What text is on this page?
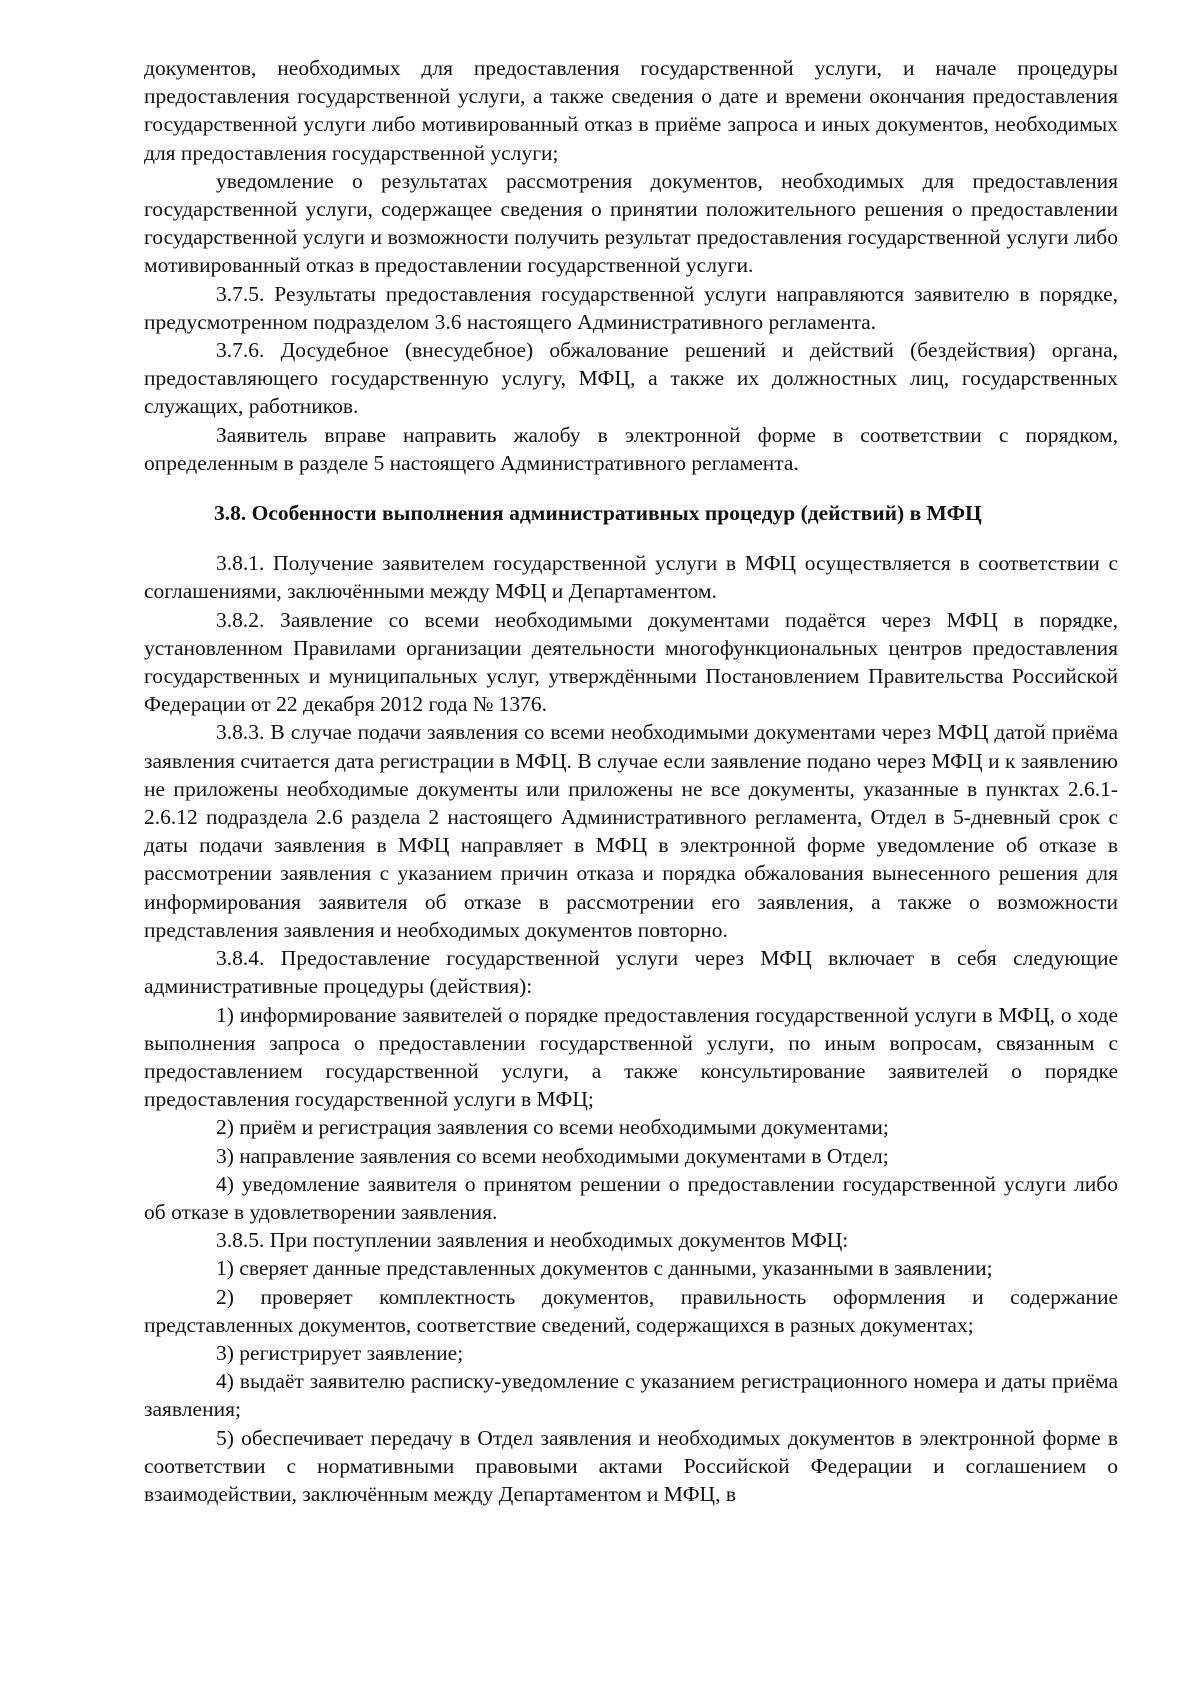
документов, необходимых для предоставления государственной услуги, и начале процедуры предоставления государственной услуги, а также сведения о дате и времени окончания предоставления государственной услуги либо мотивированный отказ в приёме запроса и иных документов, необходимых для предоставления государственной услуги;

уведомление о результатах рассмотрения документов, необходимых для предоставления государственной услуги, содержащее сведения о принятии положительного решения о предоставлении государственной услуги и возможности получить результат предоставления государственной услуги либо мотивированный отказ в предоставлении государственной услуги.

3.7.5. Результаты предоставления государственной услуги направляются заявителю в порядке, предусмотренном подразделом 3.6 настоящего Административного регламента.

3.7.6. Досудебное (внесудебное) обжалование решений и действий (бездействия) органа, предоставляющего государственную услугу, МФЦ, а также их должностных лиц, государственных служащих, работников.

Заявитель вправе направить жалобу в электронной форме в соответствии с порядком, определенным в разделе 5 настоящего Административного регламента.

3.8. Особенности выполнения административных процедур (действий) в МФЦ

3.8.1. Получение заявителем государственной услуги в МФЦ осуществляется в соответствии с соглашениями, заключёнными между МФЦ и Департаментом.

3.8.2. Заявление со всеми необходимыми документами подаётся через МФЦ в порядке, установленном Правилами организации деятельности многофункциональных центров предоставления государственных и муниципальных услуг, утверждёнными Постановлением Правительства Российской Федерации от 22 декабря 2012 года № 1376.

3.8.3. В случае подачи заявления со всеми необходимыми документами через МФЦ датой приёма заявления считается дата регистрации в МФЦ. В случае если заявление подано через МФЦ и к заявлению не приложены необходимые документы или приложены не все документы, указанные в пунктах 2.6.1-2.6.12 подраздела 2.6 раздела 2 настоящего Административного регламента, Отдел в 5-дневный срок с даты подачи заявления в МФЦ направляет в МФЦ в электронной форме уведомление об отказе в рассмотрении заявления с указанием причин отказа и порядка обжалования вынесенного решения для информирования заявителя об отказе в рассмотрении его заявления, а также о возможности представления заявления и необходимых документов повторно.

3.8.4. Предоставление государственной услуги через МФЦ включает в себя следующие административные процедуры (действия):

1) информирование заявителей о порядке предоставления государственной услуги в МФЦ, о ходе выполнения запроса о предоставлении государственной услуги, по иным вопросам, связанным с предоставлением государственной услуги, а также консультирование заявителей о порядке предоставления государственной услуги в МФЦ;

2) приём и регистрация заявления со всеми необходимыми документами;

3) направление заявления со всеми необходимыми документами в Отдел;

4) уведомление заявителя о принятом решении о предоставлении государственной услуги либо об отказе в удовлетворении заявления.

3.8.5. При поступлении заявления и необходимых документов МФЦ:

1) сверяет данные представленных документов с данными, указанными в заявлении;

2) проверяет комплектность документов, правильность оформления и содержание представленных документов, соответствие сведений, содержащихся в разных документах;

3) регистрирует заявление;

4) выдаёт заявителю расписку-уведомление с указанием регистрационного номера и даты приёма заявления;

5) обеспечивает передачу в Отдел заявления и необходимых документов в электронной форме в соответствии с нормативными правовыми актами Российской Федерации и соглашением о взаимодействии, заключённым между Департаментом и МФЦ, в
